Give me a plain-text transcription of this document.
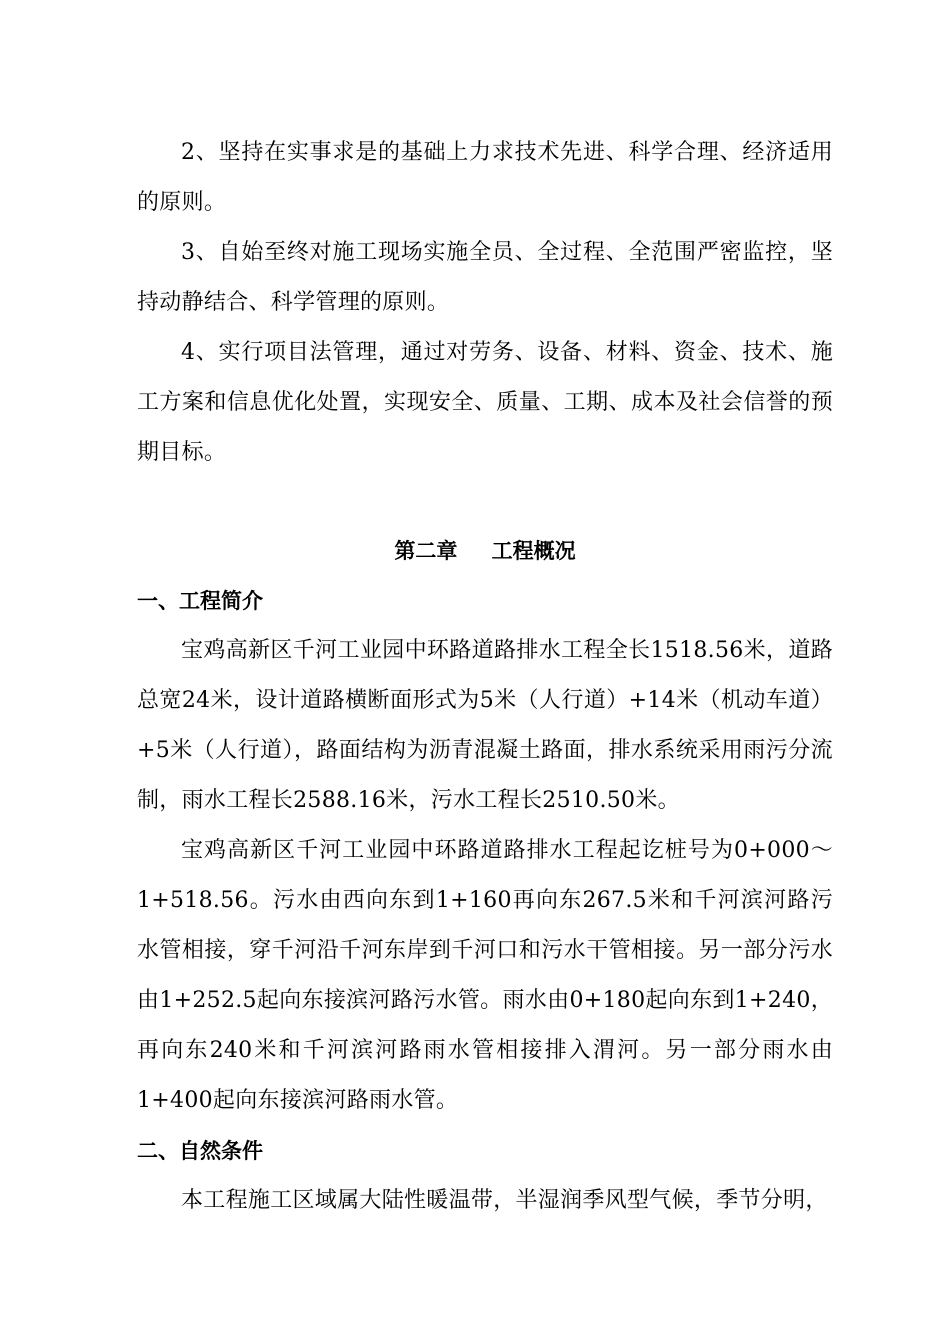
2、坚持在实事求是的基础上力求技术先进、科学合理、经济适用的原则。

3、自始至终对施工现场实施全员、全过程、全范围严密监控，坚持动静结合、科学管理的原则。

4、实行项目法管理，通过对劳务、设备、材料、资金、技术、施工方案和信息优化处置，实现安全、质量、工期、成本及社会信誉的预期目标。

第二章　 工程概况
一、工程简介

宝鸡高新区千河工业园中环路道路排水工程全长1518.56米，道路总宽24米，设计道路横断面形式为5米（人行道）+14米（机动车道）+5米（人行道），路面结构为沥青混凝土路面，排水系统采用雨污分流制，雨水工程长2588.16米，污水工程长2510.50米。

宝鸡高新区千河工业园中环路道路排水工程起讫桩号为0+000～1+518.56。污水由西向东到1+160再向东267.5米和千河滨河路污水管相接，穿千河沿千河东岸到千河口和污水干管相接。另一部分污水由1+252.5起向东接滨河路污水管。雨水由0+180起向东到1+240，再向东240米和千河滨河路雨水管相接排入渭河。另一部分雨水由1+400起向东接滨河路雨水管。

二、自然条件

本工程施工区域属大陆性暖温带，半湿润季风型气候，季节分明，
